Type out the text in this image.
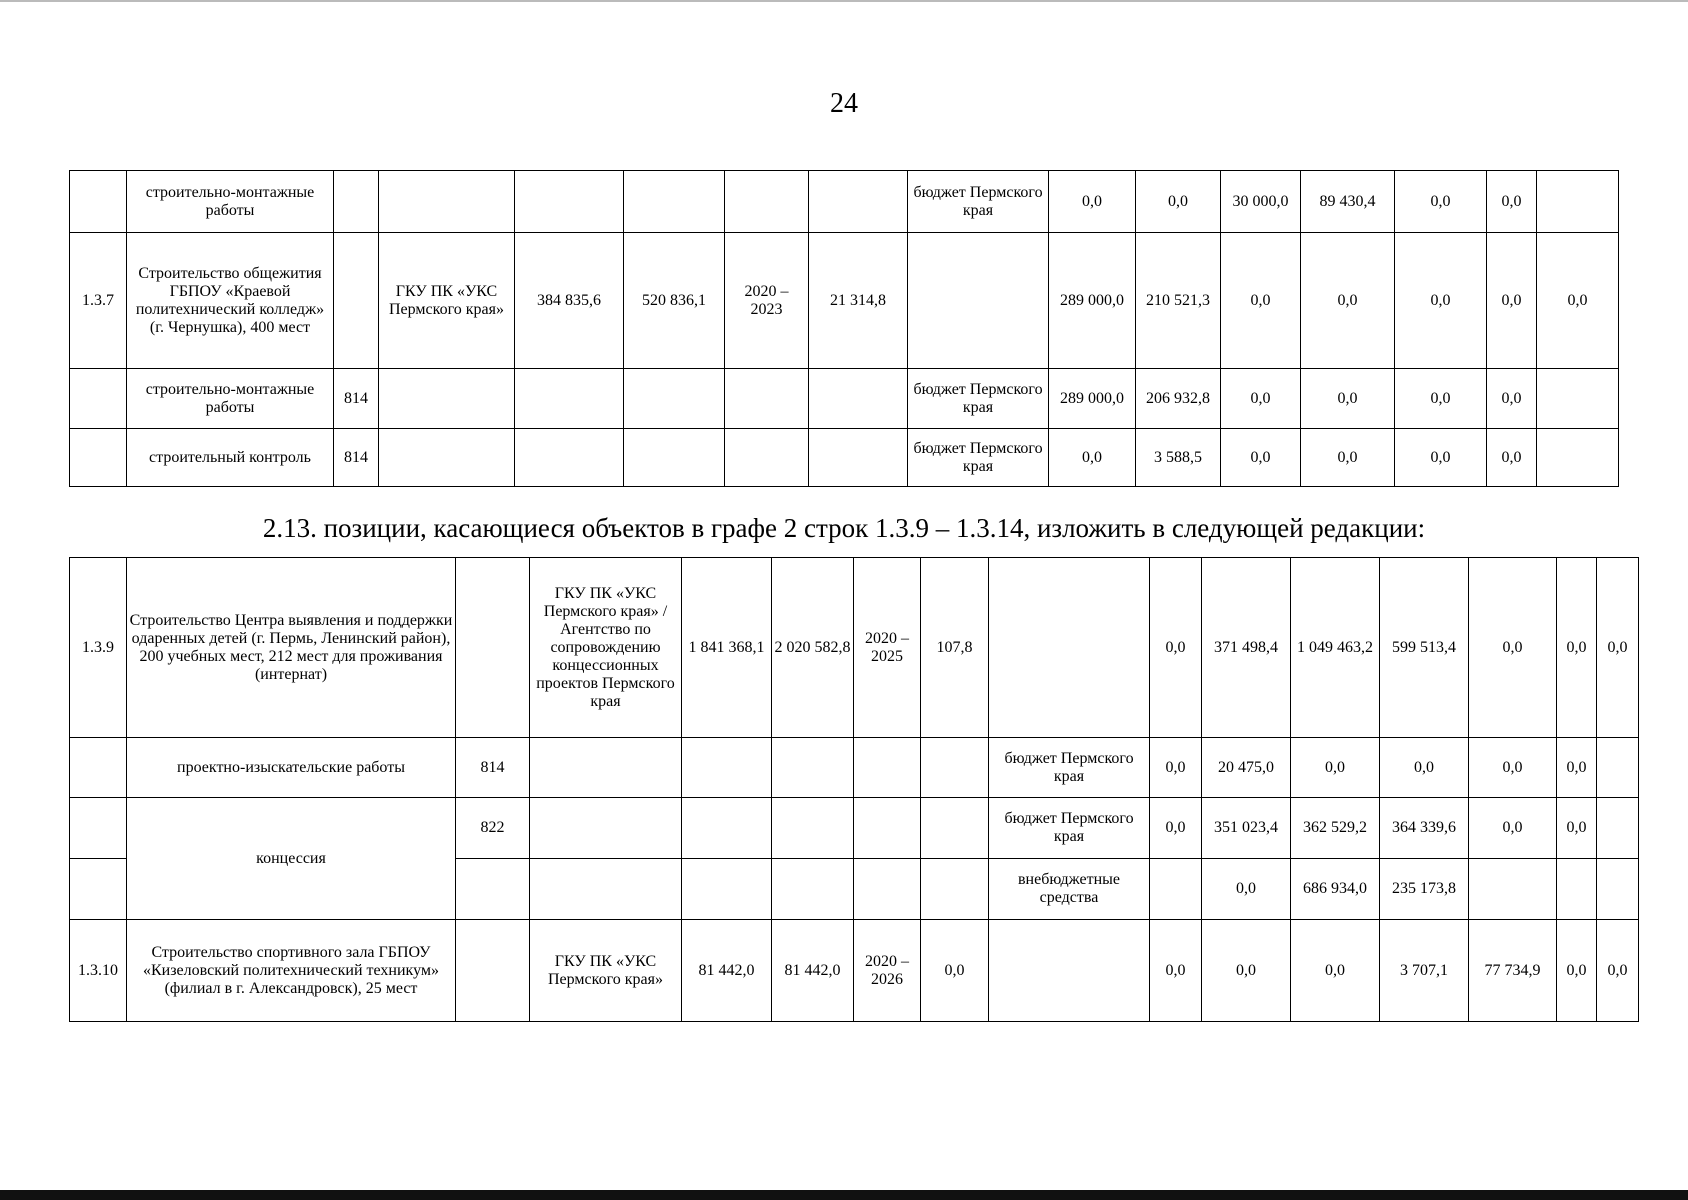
24
	строительно-монтажные работы							бюджет Пермского края	0,0	0,0	30 000,0	89 430,4	0,0	0,0	
1.3.7	Строительство общежития ГБПОУ «Краевой политехнический колледж» (г. Чернушка), 400 мест		ГКУ ПК «УКС Пермского края»	384 835,6	520 836,1	2020 – 2023	21 314,8		289 000,0	210 521,3	0,0	0,0	0,0	0,0	0,0
	строительно-монтажные работы	814						бюджет Пермского края	289 000,0	206 932,8	0,0	0,0	0,0	0,0	
	строительный контроль	814						бюджет Пермского края	0,0	3 588,5	0,0	0,0	0,0	0,0	
2.13. позиции, касающиеся объектов в графе 2 строк 1.3.9 – 1.3.14, изложить в следующей редакции:
1.3.9	Строительство Центра выявления и поддержки одаренных детей (г. Пермь, Ленинский район), 200 учебных мест, 212 мест для проживания (интернат)		ГКУ ПК «УКС Пермского края» / Агентство по сопровождению концессионных проектов Пермского края	1 841 368,1	2 020 582,8	2020 – 2025	107,8		0,0	371 498,4	1 049 463,2	599 513,4	0,0	0,0	0,0
	проектно-изыскательские работы	814						бюджет Пермского края	0,0	20 475,0	0,0	0,0	0,0	0,0	
	концессия	822						бюджет Пермского края	0,0	351 023,4	362 529,2	364 339,6	0,0	0,0	
								внебюджетные средства		0,0	686 934,0	235 173,8			
1.3.10	Строительство спортивного зала ГБПОУ «Кизеловский политехнический техникум» (филиал в г. Александровск), 25 мест		ГКУ ПК «УКС Пермского края»	81 442,0	81 442,0	2020 – 2026	0,0		0,0	0,0	0,0	3 707,1	77 734,9	0,0	0,0
